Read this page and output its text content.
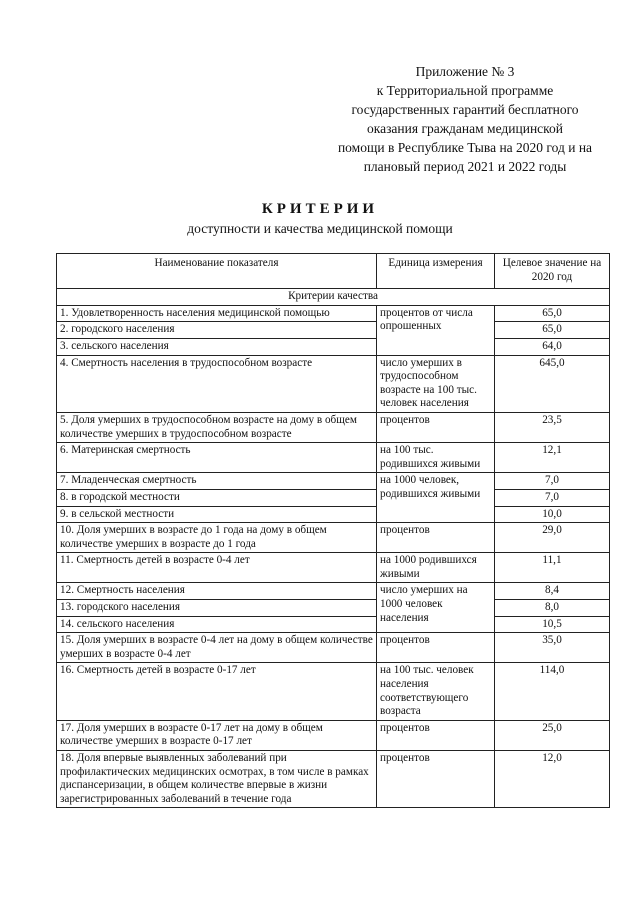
Приложение № 3
к Территориальной программе
государственных гарантий бесплатного
оказания гражданам медицинской
помощи в Республике Тыва на 2020 год и на
плановый период 2021 и 2022 годы
КРИТЕРИИ
доступности и качества медицинской помощи
Наименование показателя	Единица измерения	Целевое значение на 2020 год
Критерии качества		
1. Удовлетворенность населения медицинской помощью	процентов от числа опрошенных	65,0
2. городского населения		65,0
3. сельского населения		64,0
4. Смертность населения в трудоспособном возрасте	число умерших в трудоспособном возрасте на 100 тыс. человек населения	645,0
5. Доля умерших в трудоспособном возрасте на дому в общем количестве умерших в трудоспособном возрасте	процентов	23,5
6. Материнская смертность	на 100 тыс. родившихся живыми	12,1
7. Младенческая смертность	на 1000 человек, родившихся живыми	7,0
8. в городской местности		7,0
9. в сельской местности		10,0
10. Доля умерших в возрасте до 1 года на дому в общем количестве умерших в возрасте до 1 года	процентов	29,0
11. Смертность детей в возрасте 0-4 лет	на 1000 родившихся живыми	11,1
12. Смертность населения	число умерших на 1000 человек населения	8,4
13. городского населения		8,0
14. сельского населения		10,5
15. Доля умерших в возрасте 0-4 лет на дому в общем количестве умерших в возрасте 0-4 лет	процентов	35,0
16. Смертность детей в возрасте 0-17 лет	на 100 тыс. человек населения соответствующего возраста	114,0
17. Доля умерших в возрасте 0-17 лет на дому в общем количестве умерших в возрасте 0-17 лет	процентов	25,0
18. Доля впервые выявленных заболеваний при профилактических медицинских осмотрах, в том числе в рамках диспансеризации, в общем количестве впервые в жизни зарегистрированных заболеваний в течение года	процентов	12,0
